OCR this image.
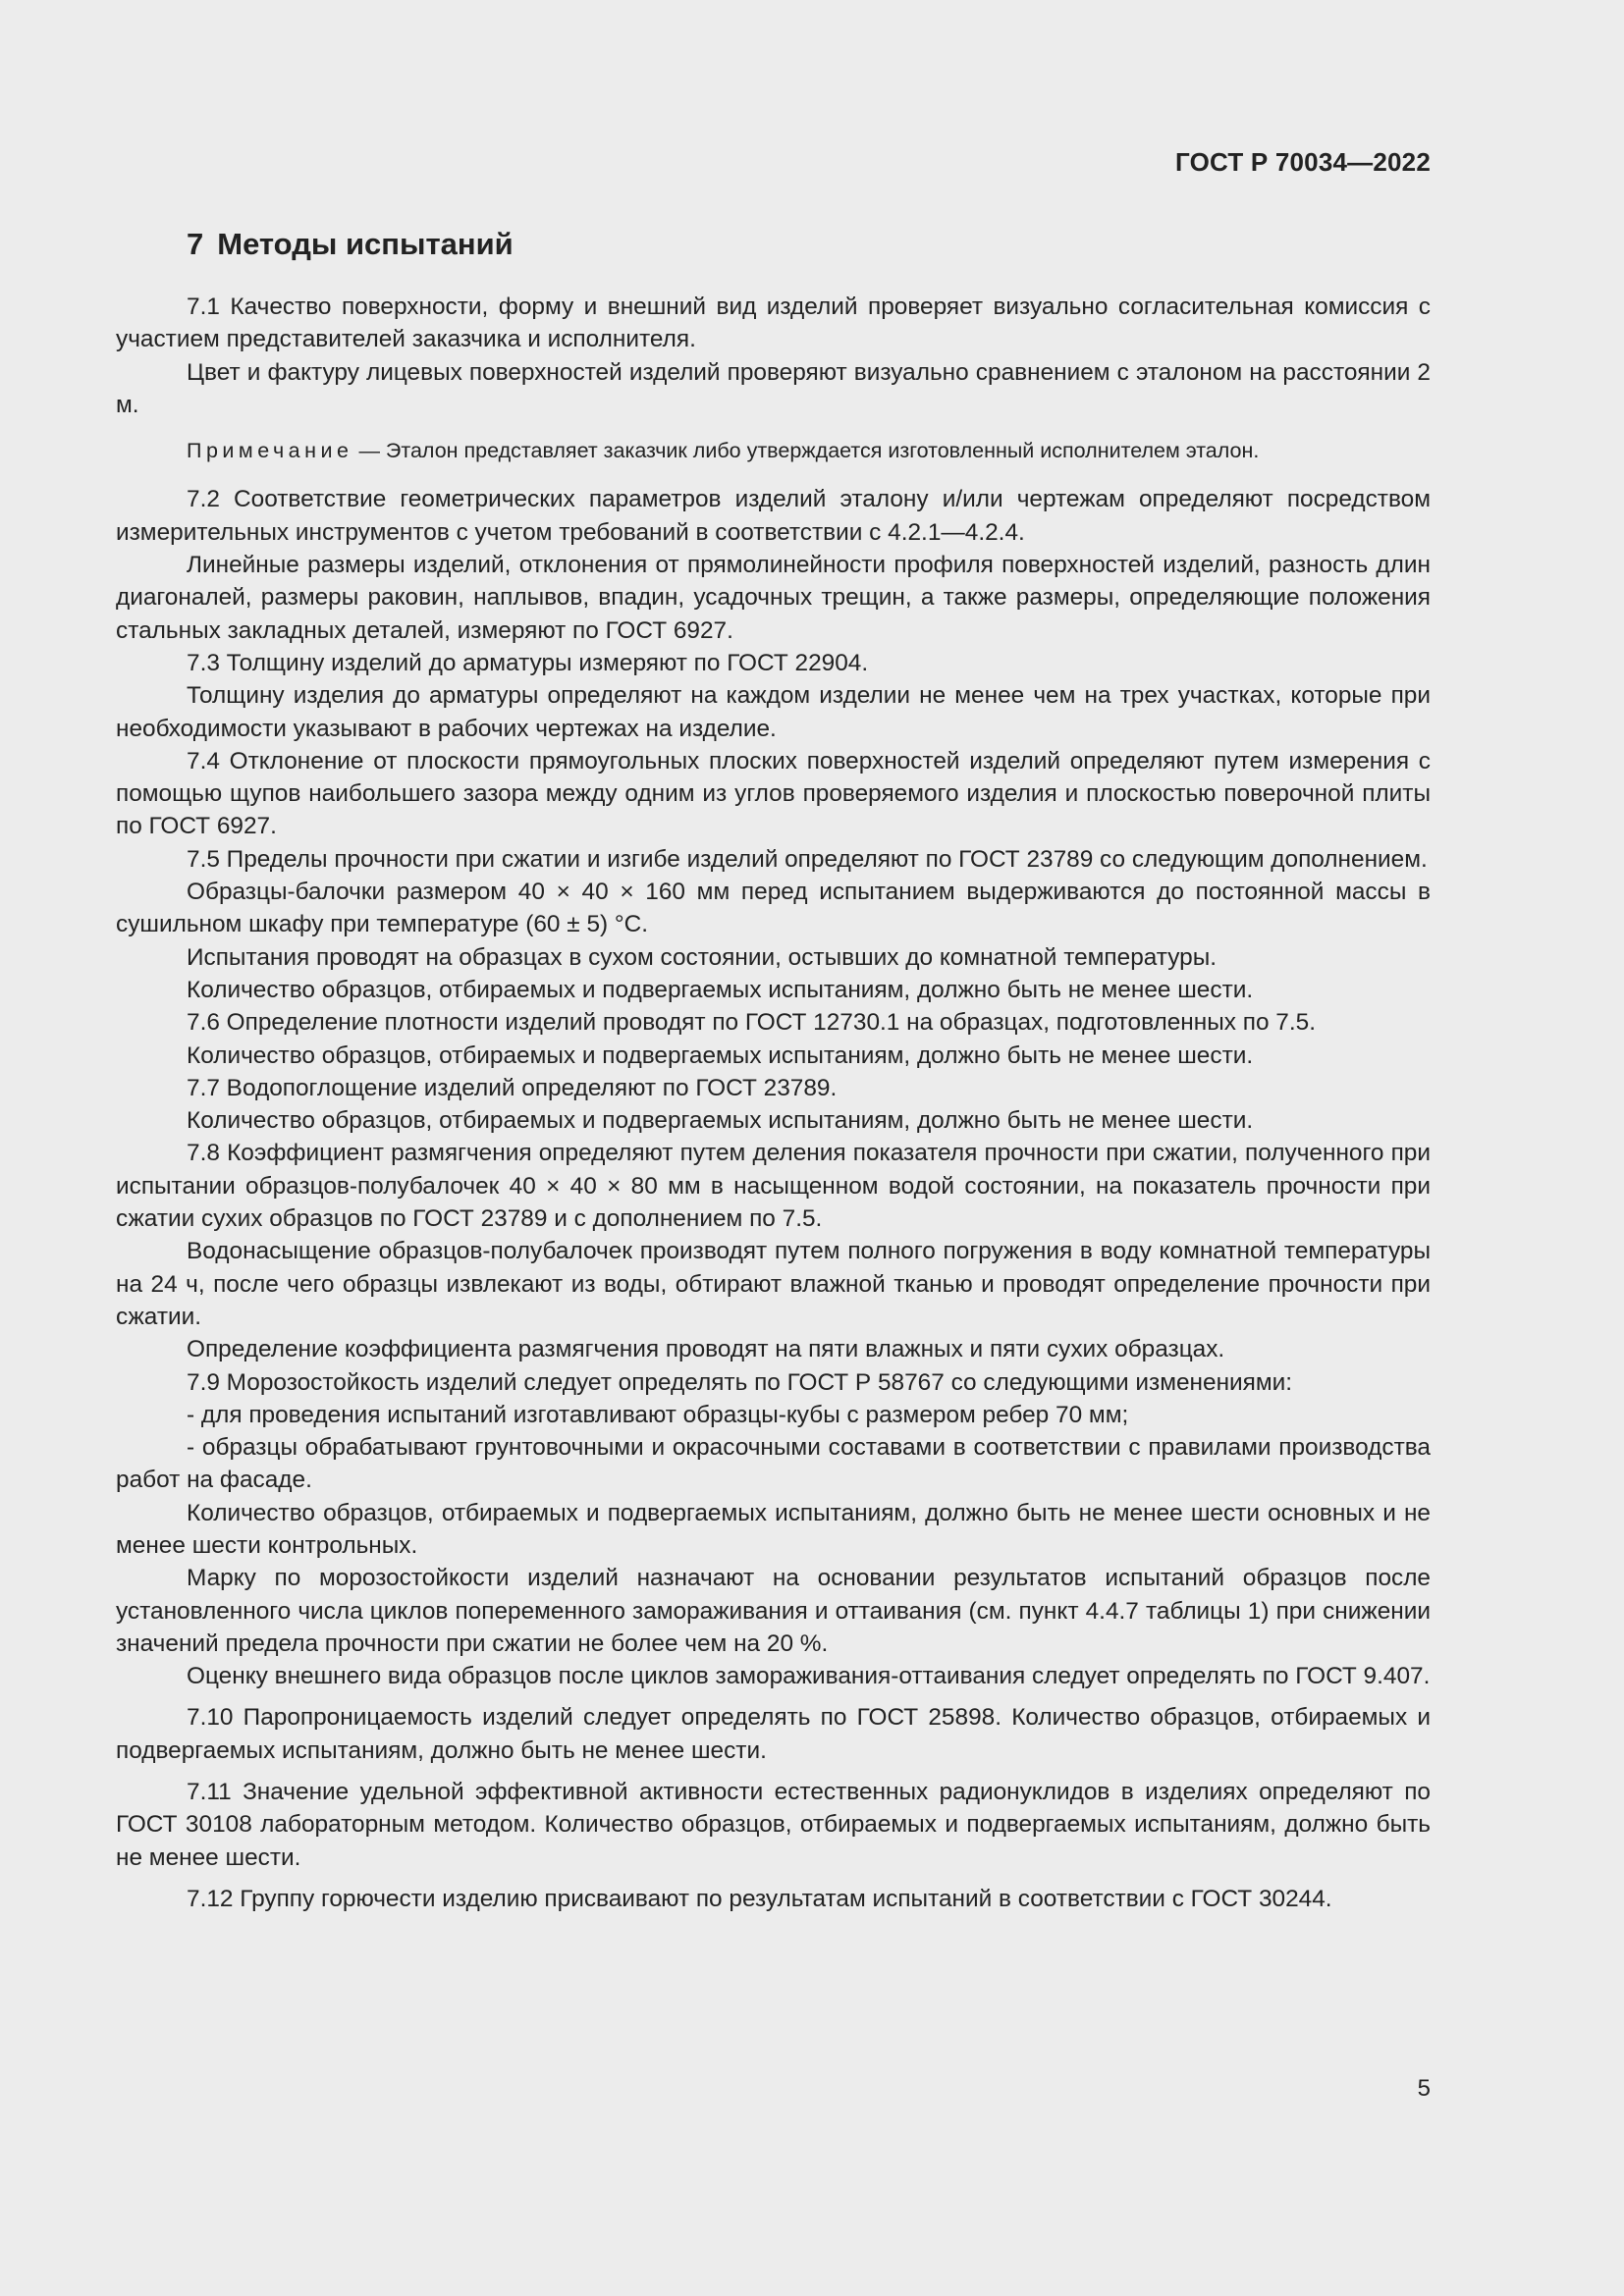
ГОСТ Р 70034—2022
7 Методы испытаний

7.1 Качество поверхности, форму и внешний вид изделий проверяет визуально согласительная комиссия с участием представителей заказчика и исполнителя.

Цвет и фактуру лицевых поверхностей изделий проверяют визуально сравнением с эталоном на расстоянии 2 м.

Примечание — Эталон представляет заказчик либо утверждается изготовленный исполнителем эталон.

7.2 Соответствие геометрических параметров изделий эталону и/или чертежам определяют посредством измерительных инструментов с учетом требований в соответствии с 4.2.1—4.2.4.

Линейные размеры изделий, отклонения от прямолинейности профиля поверхностей изделий, разность длин диагоналей, размеры раковин, наплывов, впадин, усадочных трещин, а также размеры, определяющие положения стальных закладных деталей, измеряют по ГОСТ 6927.

7.3 Толщину изделий до арматуры измеряют по ГОСТ 22904.

Толщину изделия до арматуры определяют на каждом изделии не менее чем на трех участках, которые при необходимости указывают в рабочих чертежах на изделие.

7.4 Отклонение от плоскости прямоугольных плоских поверхностей изделий определяют путем измерения с помощью щупов наибольшего зазора между одним из углов проверяемого изделия и плоскостью поверочной плиты по ГОСТ 6927.

7.5 Пределы прочности при сжатии и изгибе изделий определяют по ГОСТ 23789 со следующим дополнением.

Образцы-балочки размером 40 × 40 × 160 мм перед испытанием выдерживаются до постоянной массы в сушильном шкафу при температуре (60 ± 5) °С.

Испытания проводят на образцах в сухом состоянии, остывших до комнатной температуры.

Количество образцов, отбираемых и подвергаемых испытаниям, должно быть не менее шести.

7.6 Определение плотности изделий проводят по ГОСТ 12730.1 на образцах, подготовленных по 7.5.

Количество образцов, отбираемых и подвергаемых испытаниям, должно быть не менее шести.

7.7 Водопоглощение изделий определяют по ГОСТ 23789.

Количество образцов, отбираемых и подвергаемых испытаниям, должно быть не менее шести.

7.8 Коэффициент размягчения определяют путем деления показателя прочности при сжатии, полученного при испытании образцов-полубалочек 40 × 40 × 80 мм в насыщенном водой состоянии, на показатель прочности при сжатии сухих образцов по ГОСТ 23789 и с дополнением по 7.5.

Водонасыщение образцов-полубалочек производят путем полного погружения в воду комнатной температуры на 24 ч, после чего образцы извлекают из воды, обтирают влажной тканью и проводят определение прочности при сжатии.

Определение коэффициента размягчения проводят на пяти влажных и пяти сухих образцах.

7.9 Морозостойкость изделий следует определять по ГОСТ Р 58767 со следующими изменениями:

- для проведения испытаний изготавливают образцы-кубы с размером ребер 70 мм;

- образцы обрабатывают грунтовочными и окрасочными составами в соответствии с правилами производства работ на фасаде.

Количество образцов, отбираемых и подвергаемых испытаниям, должно быть не менее шести основных и не менее шести контрольных.

Марку по морозостойкости изделий назначают на основании результатов испытаний образцов после установленного числа циклов попеременного замораживания и оттаивания (см. пункт 4.4.7 таблицы 1) при снижении значений предела прочности при сжатии не более чем на 20 %.

Оценку внешнего вида образцов после циклов замораживания-оттаивания следует определять по ГОСТ 9.407.

7.10 Паропроницаемость изделий следует определять по ГОСТ 25898. Количество образцов, отбираемых и подвергаемых испытаниям, должно быть не менее шести.

7.11 Значение удельной эффективной активности естественных радионуклидов в изделиях определяют по ГОСТ 30108 лабораторным методом. Количество образцов, отбираемых и подвергаемых испытаниям, должно быть не менее шести.

7.12 Группу горючести изделию присваивают по результатам испытаний в соответствии с ГОСТ 30244.

5
